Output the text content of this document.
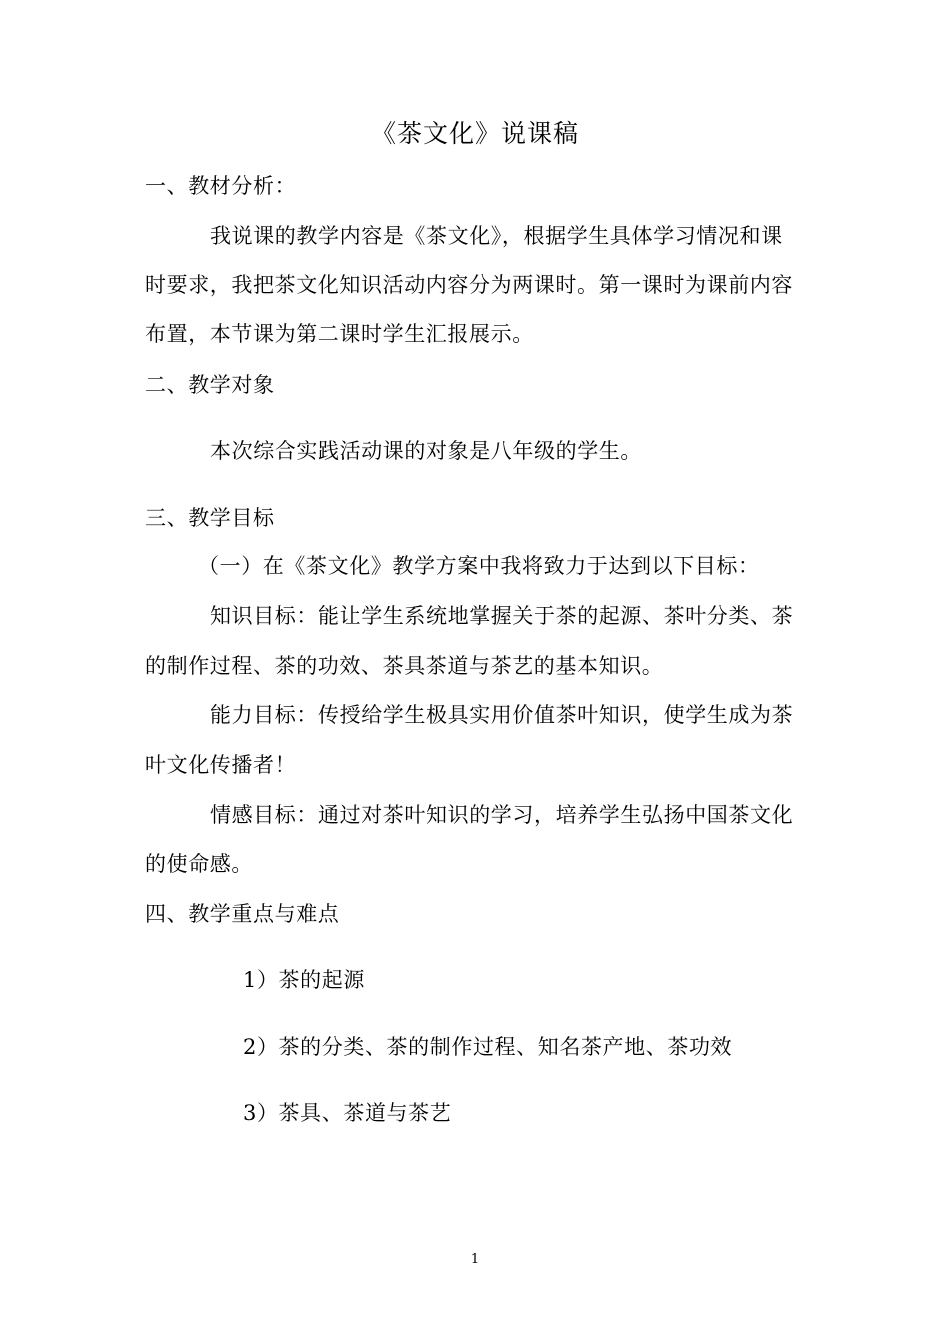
《茶文化》说课稿
一、教材分析：
我说课的教学内容是《茶文化》，根据学生具体学习情况和课
时要求，我把茶文化知识活动内容分为两课时。第一课时为课前内容
布置，本节课为第二课时学生汇报展示。
二、教学对象
本次综合实践活动课的对象是八年级的学生。
三、教学目标
（一）在《茶文化》教学方案中我将致力于达到以下目标：
知识目标：能让学生系统地掌握关于茶的起源、茶叶分类、茶
的制作过程、茶的功效、茶具茶道与茶艺的基本知识。
能力目标：传授给学生极具实用价值茶叶知识，使学生成为茶
叶文化传播者！
情感目标：通过对茶叶知识的学习，培养学生弘扬中国茶文化
的使命感。
四、教学重点与难点
1）茶的起源
2）茶的分类、茶的制作过程、知名茶产地、茶功效
3）茶具、茶道与茶艺
1
